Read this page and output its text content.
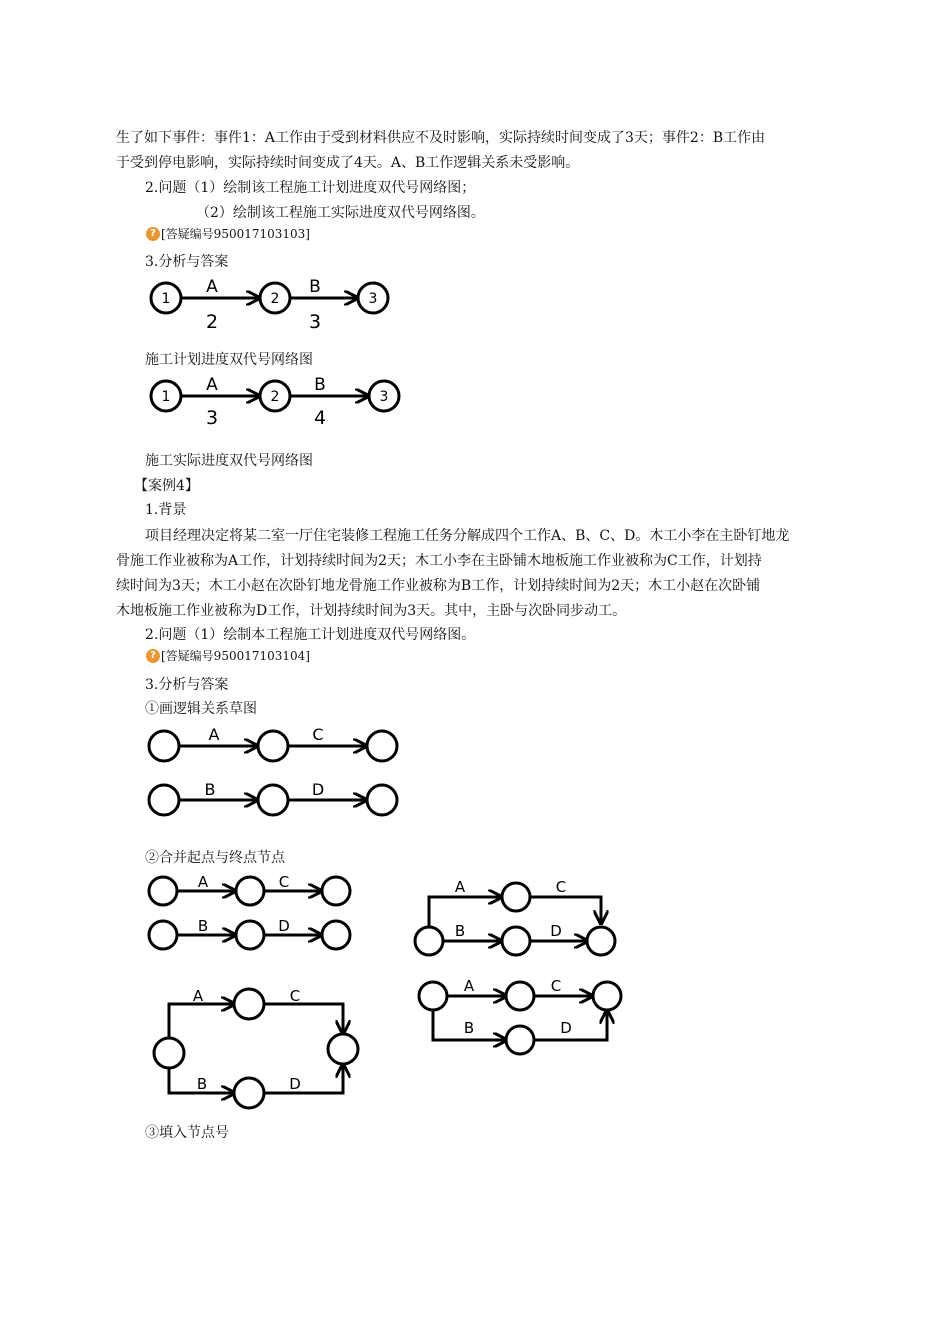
生了如下事件：事件1：A工作由于受到材料供应不及时影响，实际持续时间变成了3天；事件2：B工作由
于受到停电影响，实际持续时间变成了4天。A、B工作逻辑关系未受影响。
2.问题（1）绘制该工程施工计划进度双代号网络图；
（2）绘制该工程施工实际进度双代号网络图。
? [答疑编号950017103103]
3.分析与答案
1	2	3
A	B
2	3
施工计划进度双代号网络图
1	2	3
A	B
3	4
施工实际进度双代号网络图
【案例4】
1.背景
项目经理决定将某二室一厅住宅装修工程施工任务分解成四个工作A、B、C、D。木工小李在主卧钉地龙
骨施工作业被称为A工作，计划持续时间为2天；木工小李在主卧铺木地板施工作业被称为C工作，计划持
续时间为3天；木工小赵在次卧钉地龙骨施工作业被称为B工作，计划持续时间为2天；木工小赵在次卧铺
木地板施工作业被称为D工作，计划持续时间为3天。其中，主卧与次卧同步动工。
2.问题（1）绘制本工程施工计划进度双代号网络图。
? [答疑编号950017103104]
3.分析与答案
①画逻辑关系草图
A	C
B	D
②合并起点与终点节点
A	C
B	D
A	C
B	D
A	C
B	D
A	C
B	D
③填入节点号
